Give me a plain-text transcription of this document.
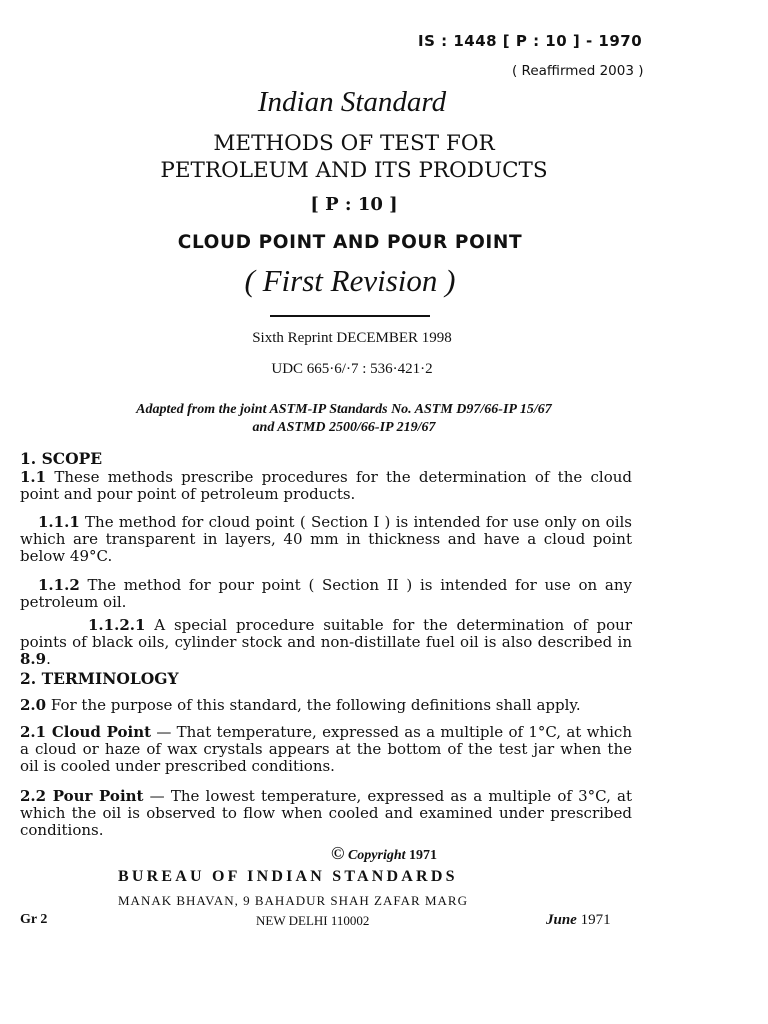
IS : 1448 [ P : 10 ] - 1970
( Reaffirmed 2003 )
Indian Standard
METHODS OF TEST FOR
PETROLEUM AND ITS PRODUCTS
[ P : 10 ]
CLOUD POINT AND POUR POINT
( First Revision )
Sixth Reprint DECEMBER 1998
UDC 665·6/·7 : 536·421·2
Adapted from the joint ASTM-IP Standards No. ASTM D97/66-IP 15/67
and ASTMD 2500/66-IP 219/67
1. SCOPE
1.1 These methods prescribe procedures for the determination of the cloud point and pour point of petroleum products.
1.1.1 The method for cloud point ( Section I ) is intended for use only on oils which are transparent in layers, 40 mm in thickness and have a cloud point below 49°C.
1.1.2 The method for pour point ( Section II ) is intended for use on any petroleum oil.
1.1.2.1 A special procedure suitable for the determination of pour points of black oils, cylinder stock and non-distillate fuel oil is also described in 8.9.
2. TERMINOLOGY
2.0 For the purpose of this standard, the following definitions shall apply.
2.1 Cloud Point — That temperature, expressed as a multiple of 1°C, at which a cloud or haze of wax crystals appears at the bottom of the test jar when the oil is cooled under prescribed conditions.
2.2 Pour Point — The lowest temperature, expressed as a multiple of 3°C, at which the oil is observed to flow when cooled and examined under prescribed conditions.
© Copyright 1971
BUREAU OF INDIAN STANDARDS
MANAK BHAVAN, 9 BAHADUR SHAH ZAFAR MARG
Gr 2	NEW DELHI 110002	June 1971
